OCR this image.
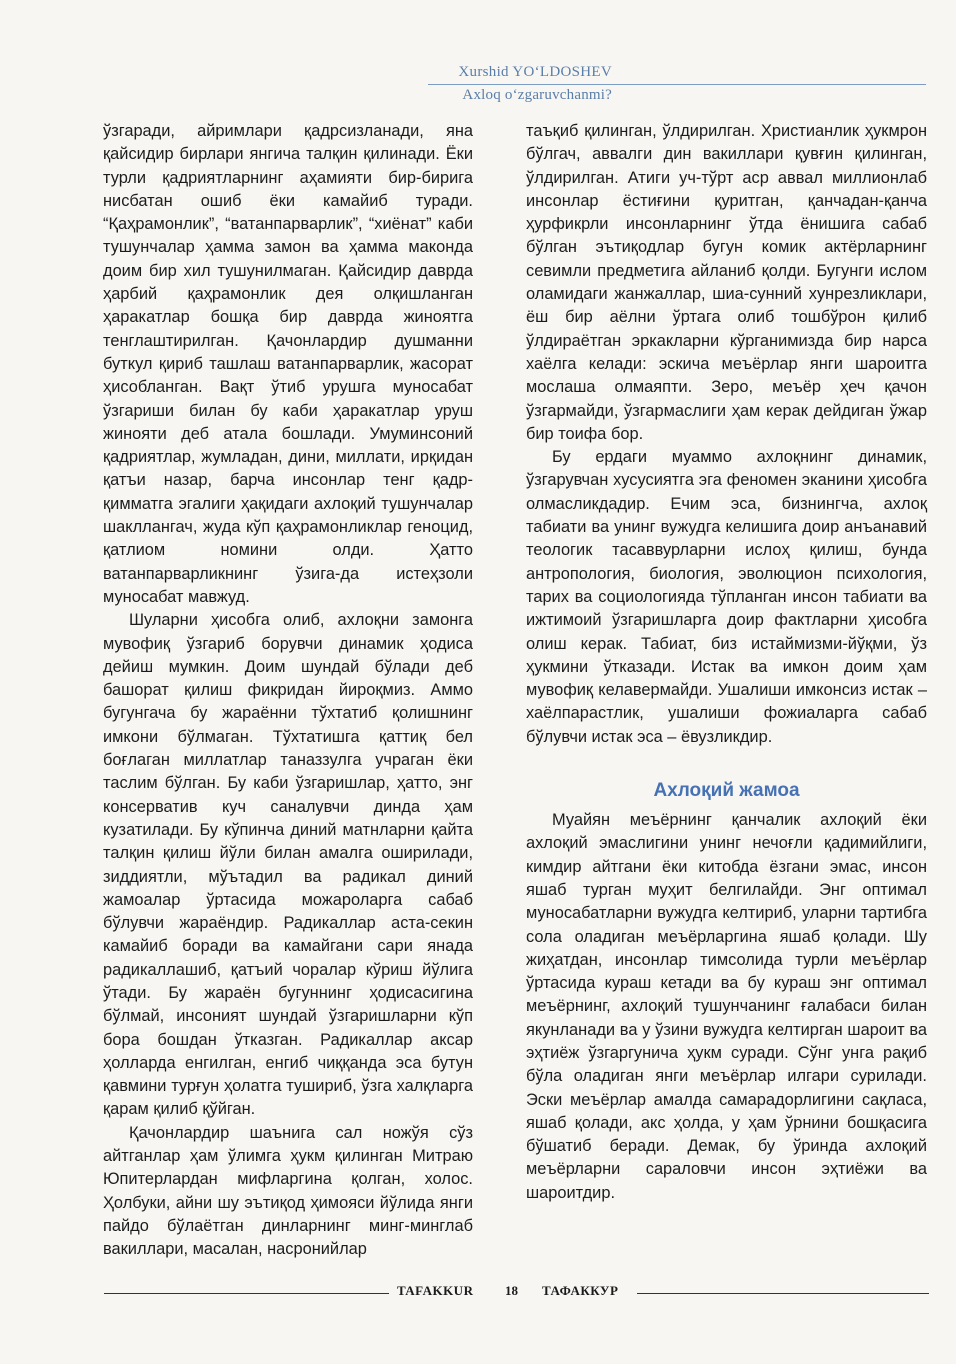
Xurshid YO‘LDOSHEV
Axloq o‘zgaruvchanmi?

ўзгаради, айримлари қадрсизланади, яна қайсидир бирлари янгича талқин қилинади. Ёки турли қадриятларнинг аҳамияти бир-бирига нисбатан ошиб ёки камайиб туради. “Қаҳрамонлик”, “ватанпарварлик”, “хиёнат” каби тушунчалар ҳамма замон ва ҳамма маконда доим бир хил тушунилмаган. Қайсидир даврда ҳарбий қаҳрамонлик дея олқишланган ҳаракатлар бошқа бир даврда жиноятга тенглаштирилган. Қачонлардир душманни буткул қириб ташлаш ватанпарварлик, жасорат ҳисобланган. Вақт ўтиб урушга муносабат ўзгариши билан бу каби ҳаракатлар уруш жинояти деб атала бошлади. Умуминсоний қадриятлар, жумладан, дини, миллати, ирқидан қатъи назар, барча инсонлар тенг қадр-қимматга эгалиги ҳақидаги ахлоқий тушунчалар шакллангач, жуда кўп қаҳрамонликлар геноцид, қатлиом номини олди. Ҳатто ватанпарварликнинг ўзига-да истеҳзоли муносабат мавжуд.

Шуларни ҳисобга олиб, ахлоқни замонга мувофиқ ўзгариб борувчи динамик ҳодиса дейиш мумкин. Доим шундай бўлади деб башорат қилиш фикридан йироқмиз. Аммо бугунгача бу жараённи тўхтатиб қолишнинг имкони бўлмаган. Тўхтатишга қаттиқ бел боғлаган миллатлар таназзулга учраган ёки таслим бўлган. Бу каби ўзгаришлар, ҳатто, энг консерватив куч саналувчи динда ҳам кузатилади. Бу кўпинча диний матнларни қайта талқин қилиш йўли билан амалга оширилади, зиддиятли, мўътадил ва радикал диний жамоалар ўртасида можароларга сабаб бўлувчи жараёндир. Радикаллар аста-секин камайиб боради ва камайгани сари янада радикаллашиб, қатъий чоралар кўриш йўлига ўтади. Бу жараён бугуннинг ҳодисасигина бўлмай, инсоният шундай ўзгаришларни кўп бора бошдан ўтказган. Радикаллар аксар ҳолларда енгилган, енгиб чиққанда эса бутун қавмини турғун ҳолатга тушириб, ўзга халқларга қарам қилиб қўйган.

Қачонлардир шаънига сал ножўя сўз айтганлар ҳам ўлимга ҳукм қилинган Митраю Юпитерлардан мифларгина қолган, холос. Ҳолбуки, айни шу эътиқод ҳимояси йўлида янги пайдо бўлаётган динларнинг минг-минглаб вакиллари, масалан, насронийлар

таъқиб қилинган, ўлдирилган. Христианлик ҳукмрон бўлгач, аввалги дин вакиллари қувғин қилинган, ўлдирилган. Атиги уч-тўрт аср аввал миллионлаб инсонлар ёстиғини қуритган, қанчадан-қанча ҳурфикрли инсонларнинг ўтда ёнишига сабаб бўлган эътиқодлар бугун комик актёрларнинг севимли предметига айланиб қолди. Бугунги ислом оламидаги жанжаллар, шиа-сунний хунрезликлари, ёш бир аёлни ўртага олиб тошбўрон қилиб ўлдираётган эркакларни кўрганимизда бир нарса хаёлга келади: эскича меъёрлар янги шароитга мослаша олмаяпти. Зеро, меъёр ҳеч қачон ўзгармайди, ўзгармаслиги ҳам керак дейдиган ўжар бир тоифа бор.

Бу ердаги муаммо ахлоқнинг динамик, ўзгарувчан хусусиятга эга феномен эканини ҳисобга олмасликдадир. Ечим эса, бизнингча, ахлоқ табиати ва унинг вужудга келишига доир анъанавий теологик тасаввурларни ислоҳ қилиш, бунда антропология, биология, эволюцион психология, тарих ва социологияда тўпланган инсон табиати ва ижтимоий ўзгаришларга доир фактларни ҳисобга олиш керак. Табиат, биз истаймизми-йўқми, ўз ҳукмини ўтказади. Истак ва имкон доим ҳам мувофиқ келавермайди. Ушалиши имконсиз истак – хаёлпарастлик, ушалиши фожиаларга сабаб бўлувчи истак эса – ёвузликдир.

Ахлоқий жамоа

Муайян меъёрнинг қанчалик ахлоқий ёки ахлоқий эмаслигини унинг нечоғли қадимийлиги, кимдир айтгани ёки китобда ёзгани эмас, инсон яшаб турган муҳит белгилайди. Энг оптимал муносабатларни вужудга келтириб, уларни тартибга сола оладиган меъёрларгина яшаб қолади. Шу жиҳатдан, инсонлар тимсолида турли меъёрлар ўртасида кураш кетади ва бу кураш энг оптимал меъёрнинг, ахлоқий тушунчанинг ғалабаси билан якунланади ва у ўзини вужудга келтирган шароит ва эҳтиёж ўзгаргунича ҳукм суради. Сўнг унга рақиб бўла оладиган янги меъёрлар илгари сурилади. Эски меъёрлар амалда самарадорлигини сақласа, яшаб қолади, акс ҳолда, у ҳам ўрнини бошқасига бўшатиб беради. Демак, бу ўринда ахлоқий меъёрларни сараловчи инсон эҳтиёжи ва шароитдир.

TAFAKKUR 18 ТАФАККУР
